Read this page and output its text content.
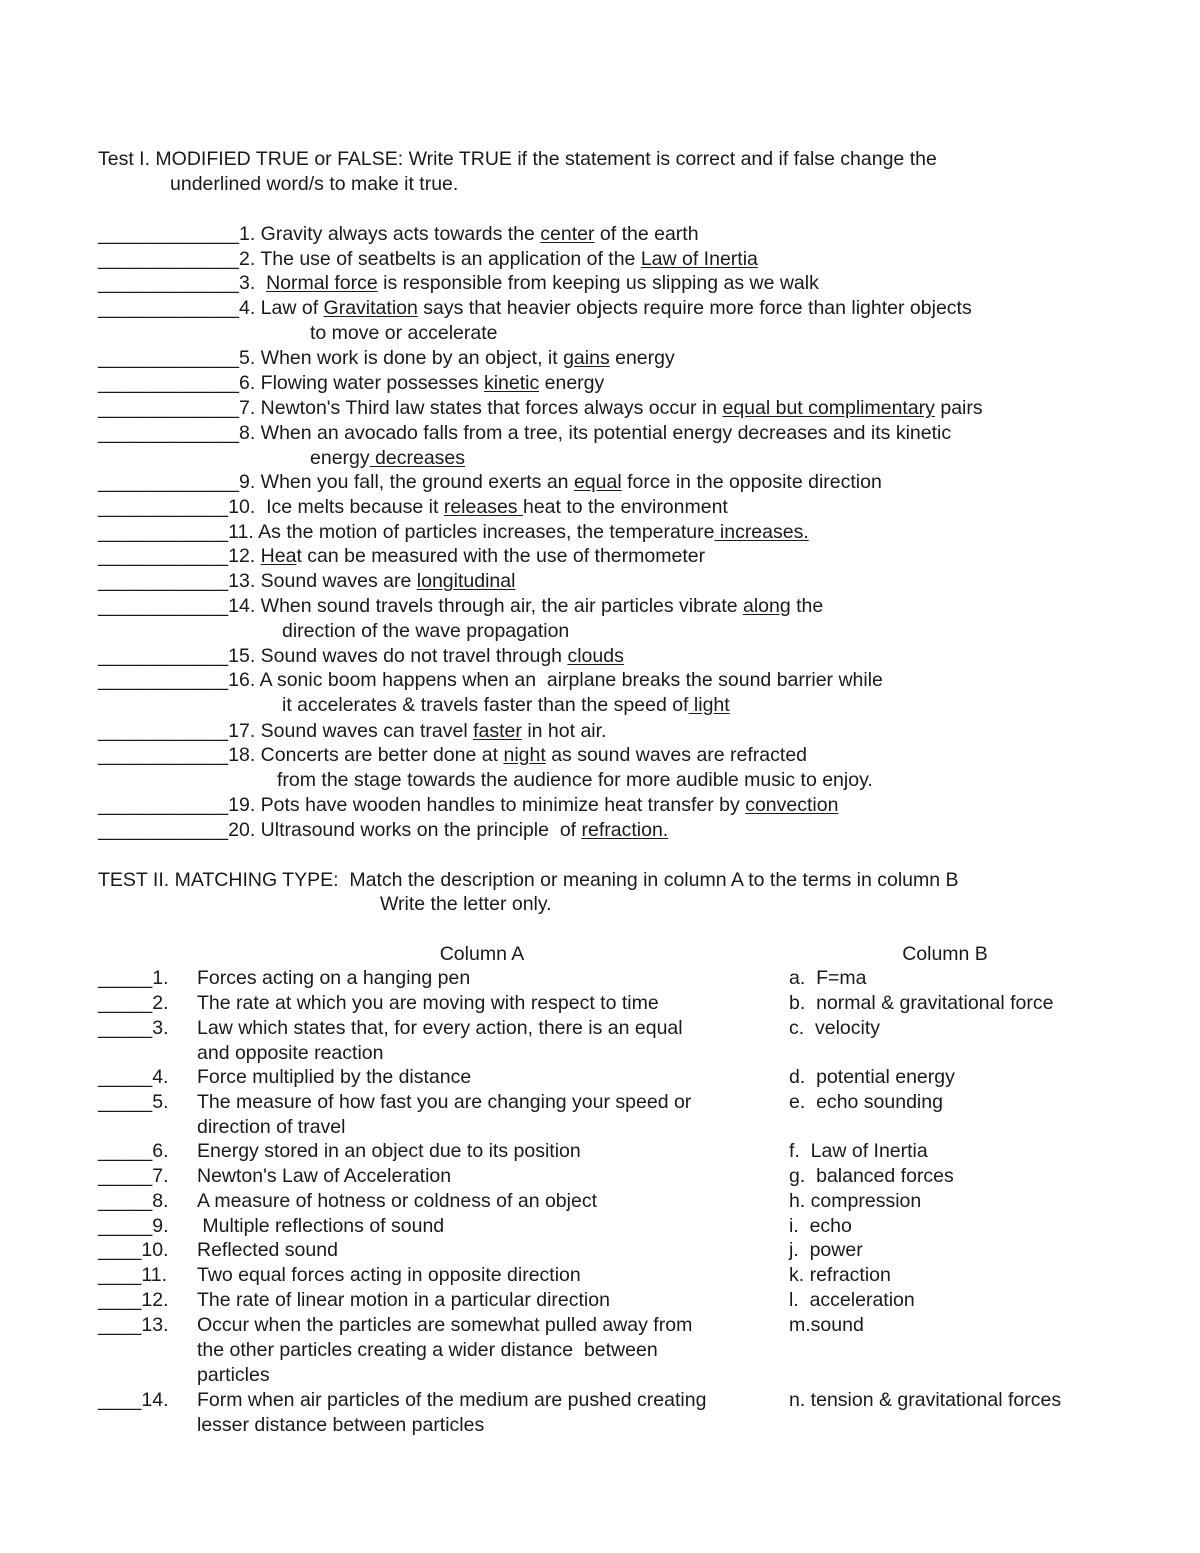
Test I. MODIFIED TRUE or FALSE: Write TRUE if the statement is correct and if false change the
underlined word/s to make it true.
_____________1. Gravity always acts towards the center of the earth
_____________2. The use of seatbelts is an application of the Law of Inertia
_____________3. Normal force is responsible from keeping us slipping as we walk
_____________4. Law of Gravitation says that heavier objects require more force than lighter objects
to move or accelerate
_____________5. When work is done by an object, it gains energy
_____________6. Flowing water possesses kinetic energy
_____________7. Newton's Third law states that forces always occur in equal but complimentary pairs
_____________8. When an avocado falls from a tree, its potential energy decreases and its kinetic
energy decreases
_____________9. When you fall, the ground exerts an equal force in the opposite direction
____________10.  Ice melts because it releases heat to the environment
____________11. As the motion of particles increases, the temperature increases.
____________12. Heat can be measured with the use of thermometer
____________13. Sound waves are longitudinal
____________14. When sound travels through air, the air particles vibrate along the
direction of the wave propagation
____________15. Sound waves do not travel through clouds
____________16. A sonic boom happens when an  airplane breaks the sound barrier while
it accelerates & travels faster than the speed of light
____________17. Sound waves can travel faster in hot air.
____________18. Concerts are better done at night as sound waves are refracted
from the stage towards the audience for more audible music to enjoy.
____________19. Pots have wooden handles to minimize heat transfer by convection
____________20. Ultrasound works on the principle  of refraction.
TEST II. MATCHING TYPE:  Match the description or meaning in column A to the terms in column B
Write the letter only.
Column A	Column B
_____1. Forces acting on a hanging pen	a.  F=ma
_____2. The rate at which you are moving with respect to time	b.  normal & gravitational force
_____3. Law which states that, for every action, there is an equal	c.  velocity
and opposite reaction
_____4. Force multiplied by the distance	d.  potential energy
_____5. The measure of how fast you are changing your speed or	e.  echo sounding
direction of travel
_____6. Energy stored in an object due to its position	f.  Law of Inertia
_____7. Newton's Law of Acceleration	g.  balanced forces
_____8. A measure of hotness or coldness of an object	h. compression
_____9. Multiple reflections of sound	i.  echo
____10. Reflected sound	j.  power
____11. Two equal forces acting in opposite direction	k. refraction
____12. The rate of linear motion in a particular direction	l.  acceleration
____13. Occur when the particles are somewhat pulled away from	m.sound
the other particles creating a wider distance  between
particles
____14. Form when air particles of the medium are pushed creating	n. tension & gravitational forces
lesser distance between particles
